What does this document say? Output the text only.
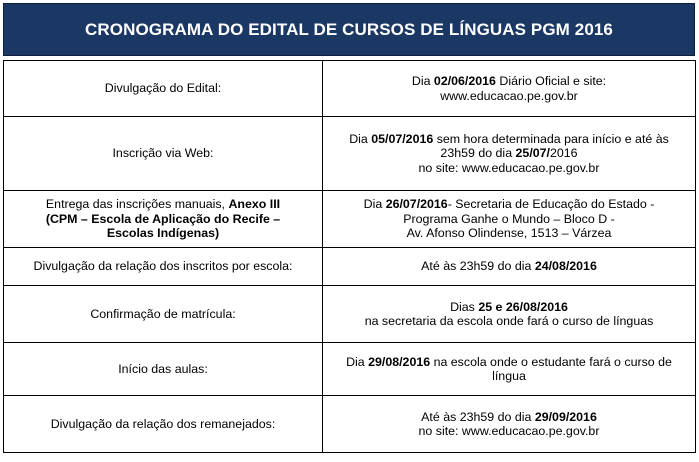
CRONOGRAMA DO EDITAL DE CURSOS DE LÍNGUAS PGM 2016
Divulgação do Edital:	Dia 02/06/2016 Diário Oficial e site:
www.educacao.pe.gov.br
Inscrição via Web:	Dia 05/07/2016 sem hora determinada para início e até às
23h59 do dia 25/07/2016
no site: www.educacao.pe.gov.br
Entrega das inscrições manuais, Anexo III
(CPM – Escola de Aplicação do Recife –
Escolas Indígenas)	Dia 26/07/2016- Secretaria de Educação do Estado -
Programa Ganhe o Mundo – Bloco D -
Av. Afonso Olindense, 1513 – Várzea
Divulgação da relação dos inscritos por escola:	Até às 23h59 do dia 24/08/2016
Confirmação de matrícula:	Dias 25 e 26/08/2016
na secretaria da escola onde fará o curso de línguas
Início das aulas:	Dia 29/08/2016 na escola onde o estudante fará o curso de
língua
Divulgação da relação dos remanejados:	Até às 23h59 do dia 29/09/2016
no site: www.educacao.pe.gov.br
